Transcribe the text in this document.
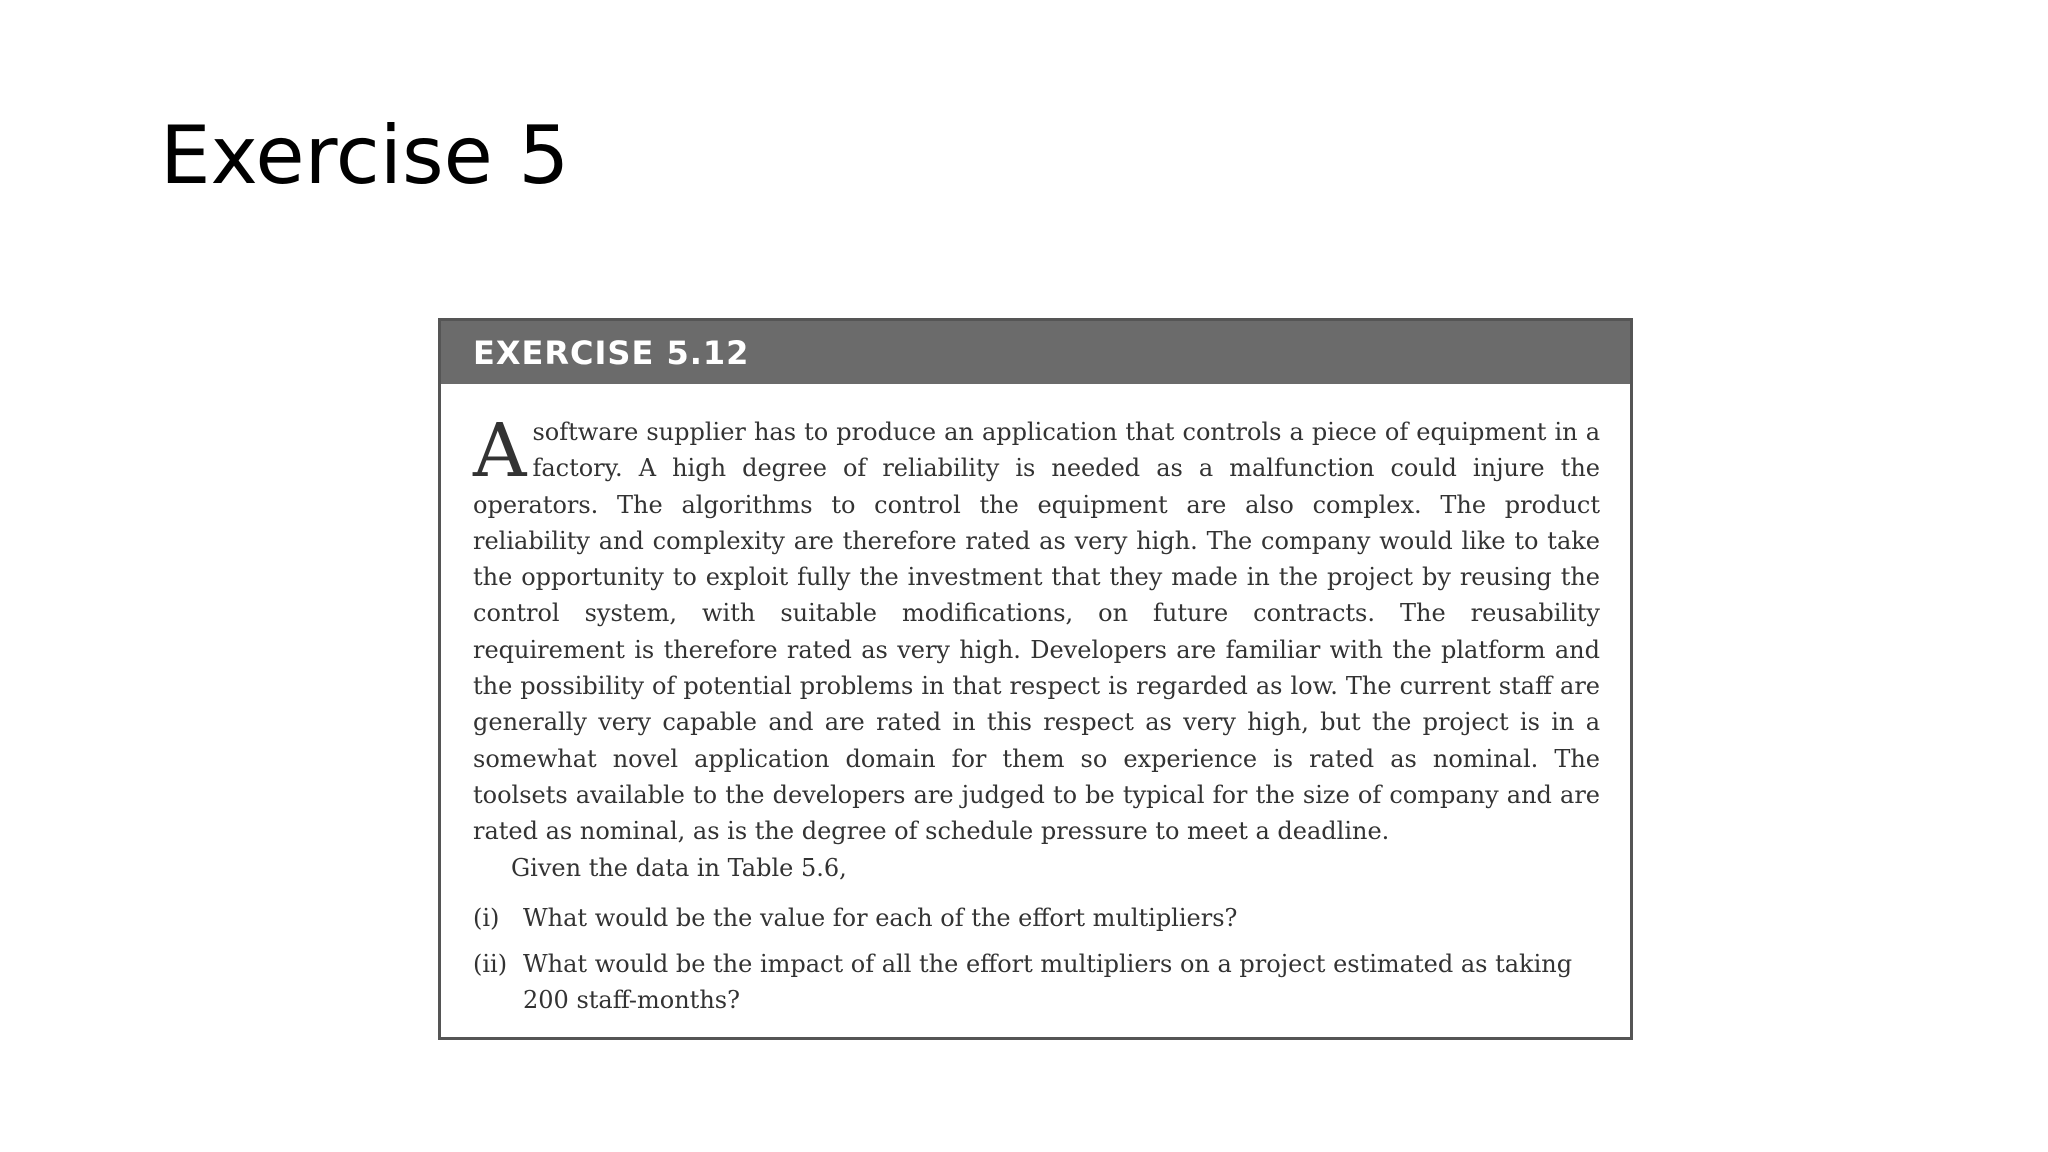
Exercise 5
EXERCISE 5.12

A software supplier has to produce an application that controls a piece of equipment in a factory. A high degree of reliability is needed as a malfunction could injure the operators. The algorithms to control the equipment are also complex. The product reliability and complexity are therefore rated as very high. The company would like to take the opportunity to exploit fully the investment that they made in the project by reusing the control system, with suitable modifications, on future contracts. The reusability requirement is therefore rated as very high. Developers are familiar with the platform and the possibility of potential problems in that respect is regarded as low. The current staff are generally very capable and are rated in this respect as very high, but the project is in a somewhat novel application domain for them so experience is rated as nominal. The toolsets available to the developers are judged to be typical for the size of company and are rated as nominal, as is the degree of schedule pressure to meet a deadline.

Given the data in Table 5.6,

(i) What would be the value for each of the effort multipliers?
(ii) What would be the impact of all the effort multipliers on a project estimated as taking 200 staff-months?
